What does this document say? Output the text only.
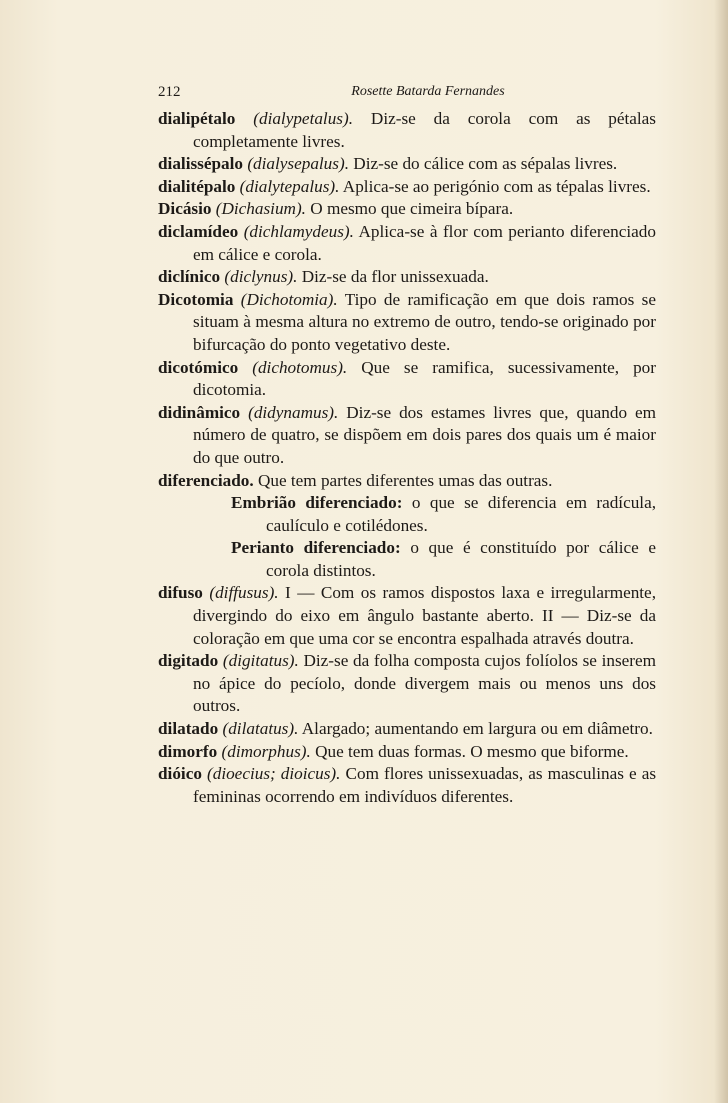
212	Rosette Batarda Fernandes

dialipétalo (dialypetalus). Diz-se da corola com as pétalas completamente livres.

dialissépalo (dialysepalus). Diz-se do cálice com as sépalas livres.

dialitépalo (dialytepalus). Aplica-se ao perigónio com as tépalas livres.

Dicásio (Dichasium). O mesmo que cimeira bípara.

diclamídeo (dichlamydeus). Aplica-se à flor com perianto diferenciado em cálice e corola.

diclínico (diclynus). Diz-se da flor unissexuada.

Dicotomia (Dichotomia). Tipo de ramificação em que dois ramos se situam à mesma altura no extremo de outro, tendo-se originado por bifurcação do ponto vegetativo deste.

dicotómico (dichotomus). Que se ramifica, sucessivamente, por dicotomia.

didinâmico (didynamus). Diz-se dos estames livres que, quando em número de quatro, se dispõem em dois pares dos quais um é maior do que outro.

diferenciado. Que tem partes diferentes umas das outras.

Embrião diferenciado: o que se diferencia em radícula, caulículo e cotilédones.

Perianto diferenciado: o que é constituído por cálice e corola distintos.

difuso (diffusus). I — Com os ramos dispostos laxa e irregularmente, divergindo do eixo em ângulo bastante aberto. II — Diz-se da coloração em que uma cor se encontra espalhada através doutra.

digitado (digitatus). Diz-se da folha composta cujos folíolos se inserem no ápice do pecíolo, donde divergem mais ou menos uns dos outros.

dilatado (dilatatus). Alargado; aumentando em largura ou em diâmetro.

dimorfo (dimorphus). Que tem duas formas. O mesmo que biforme.

dióico (dioecius; dioicus). Com flores unissexuadas, as masculinas e as femininas ocorrendo em indivíduos diferentes.
